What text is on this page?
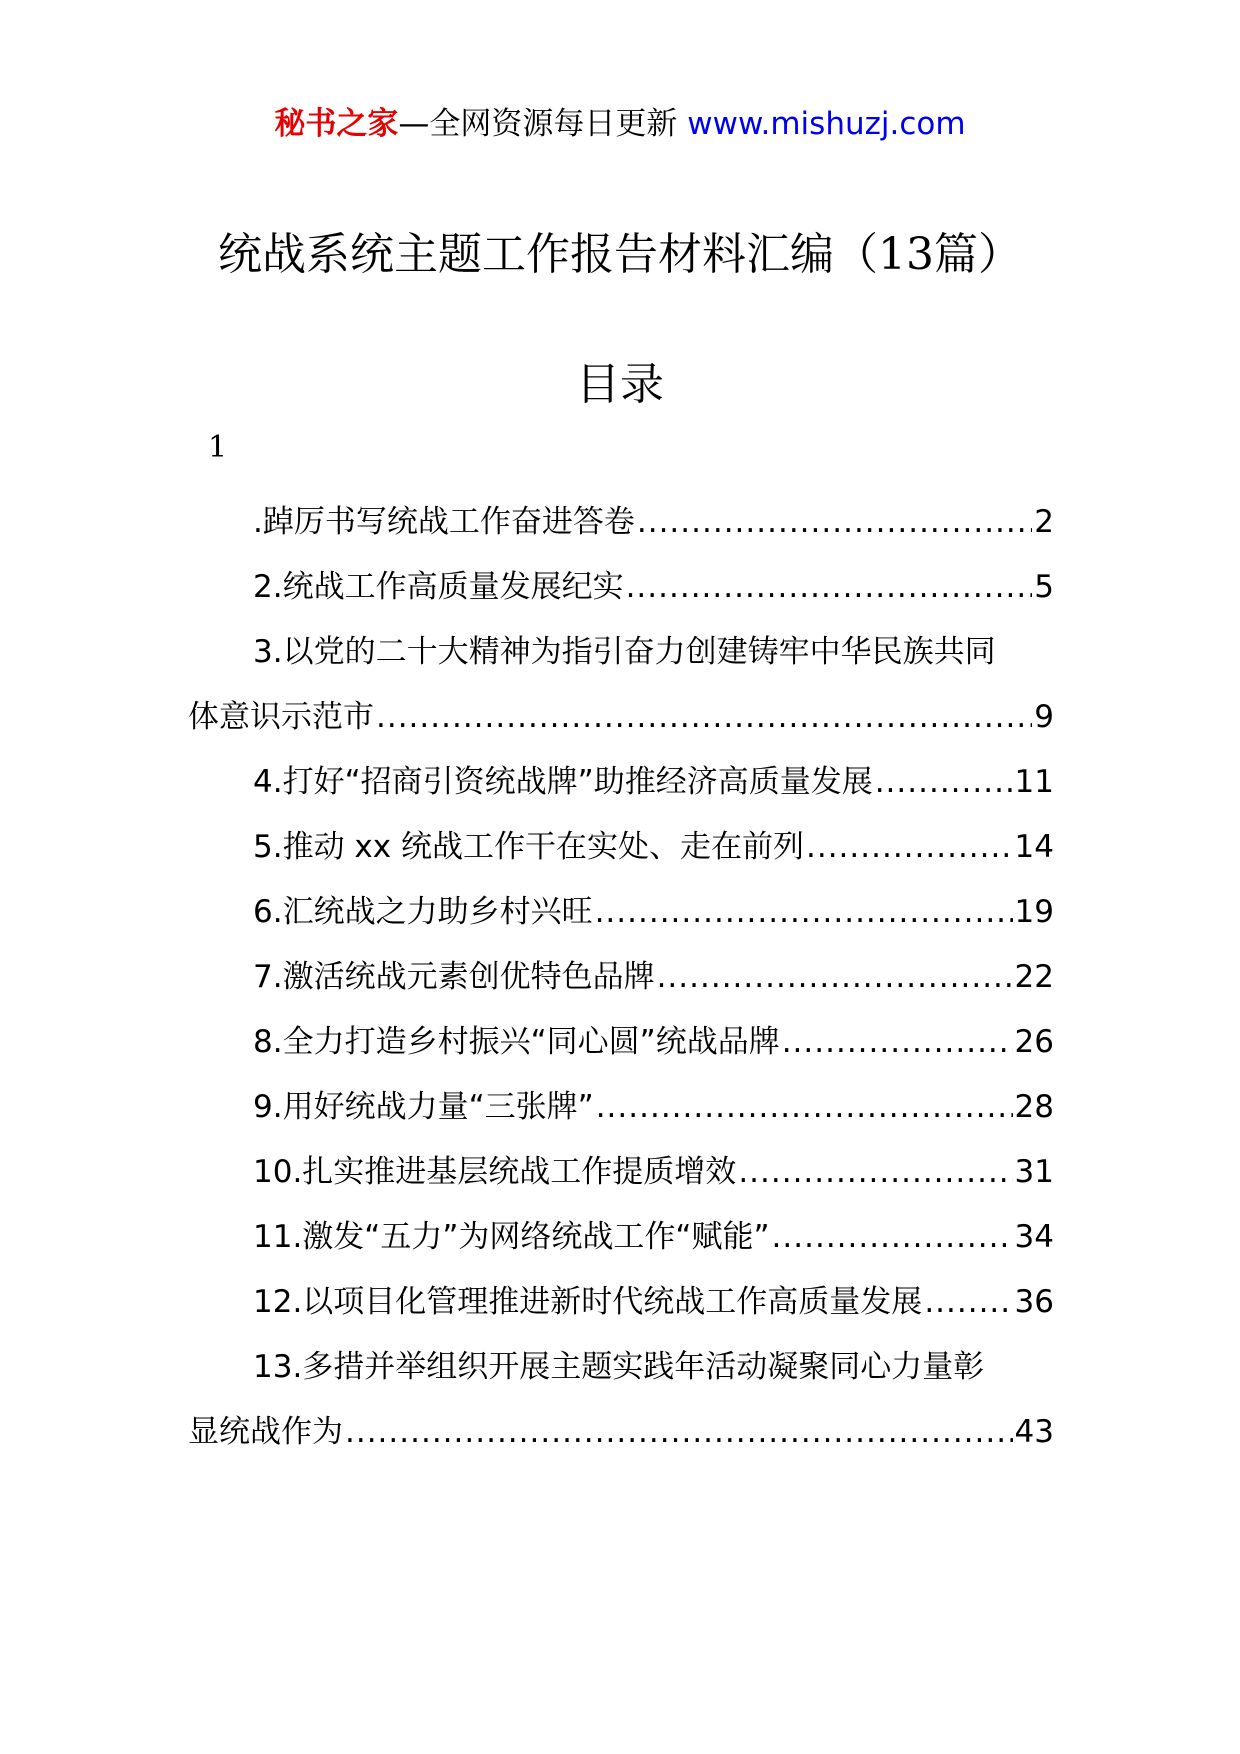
秘书之家—全网资源每日更新 www.mishuzj.com
统战系统主题工作报告材料汇编（13篇）
目录
1
.踔厉书写统战工作奋进答卷 .....	2
2.统战工作高质量发展纪实 .....	5
3.以党的二十大精神为指引奋力创建铸牢中华民族共同
体意识示范市 .....	9
4.打好“招商引资统战牌”助推经济高质量发展 .....	11
5.推动 xx 统战工作干在实处、走在前列 .....	14
6.汇统战之力助乡村兴旺 .....	19
7.激活统战元素创优特色品牌 .....	22
8.全力打造乡村振兴“同心圆”统战品牌 .....	26
9.用好统战力量“三张牌” .....	28
10.扎实推进基层统战工作提质增效 .....	31
11.激发“五力”为网络统战工作“赋能” .....	34
12.以项目化管理推进新时代统战工作高质量发展 .....	36
13.多措并举组织开展主题实践年活动凝聚同心力量彰
显统战作为 .....	43
